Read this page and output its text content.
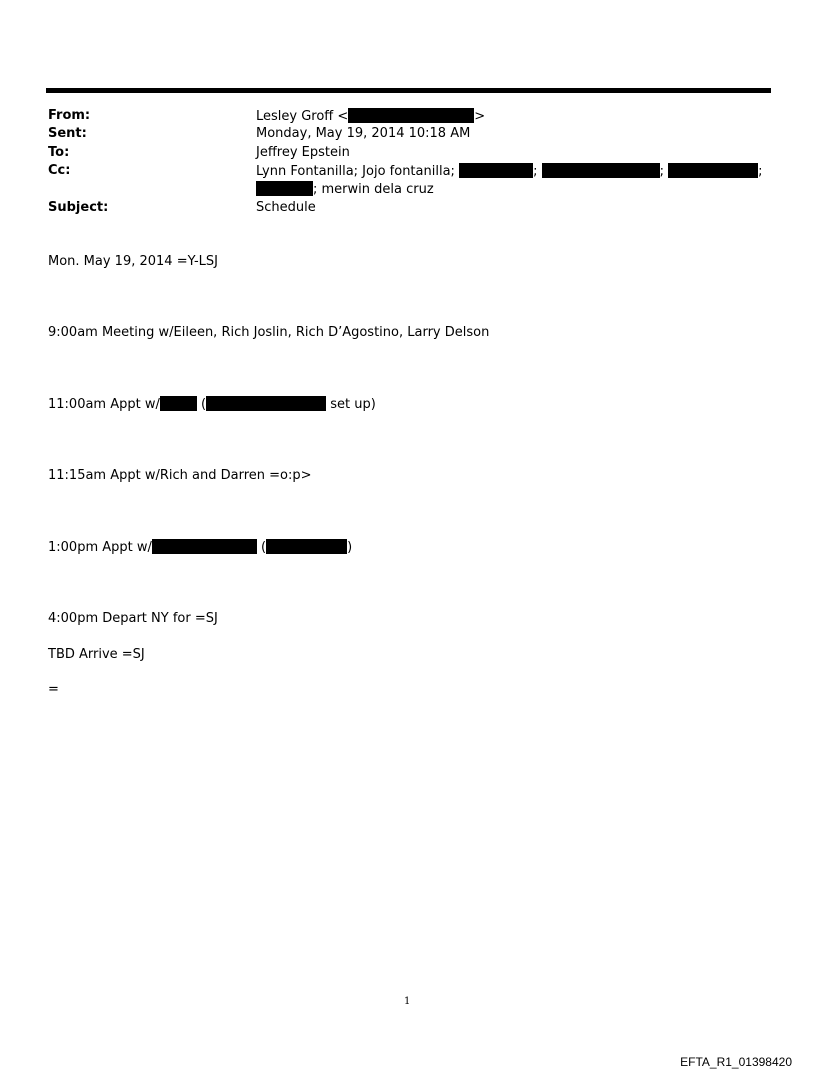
From:	Lesley Groff <	>
Sent:	Monday, May 19, 2014 10:18 AM
To:	Jeffrey Epstein
Cc:	Lynn Fontanilla; Jojo fontanilla;	;	;	;
; merwin dela cruz
Subject:	Schedule
Mon. May 19, 2014 =Y-LSJ
9:00am Meeting w/Eileen, Rich Joslin, Rich D’Agostino, Larry Delson
11:00am Appt w/	(	set up)
11:15am Appt w/Rich and Darren =o:p>
1:00pm Appt w/	(	)
4:00pm Depart NY for =SJ
TBD Arrive =SJ
=
1
EFTA_R1_01398420
